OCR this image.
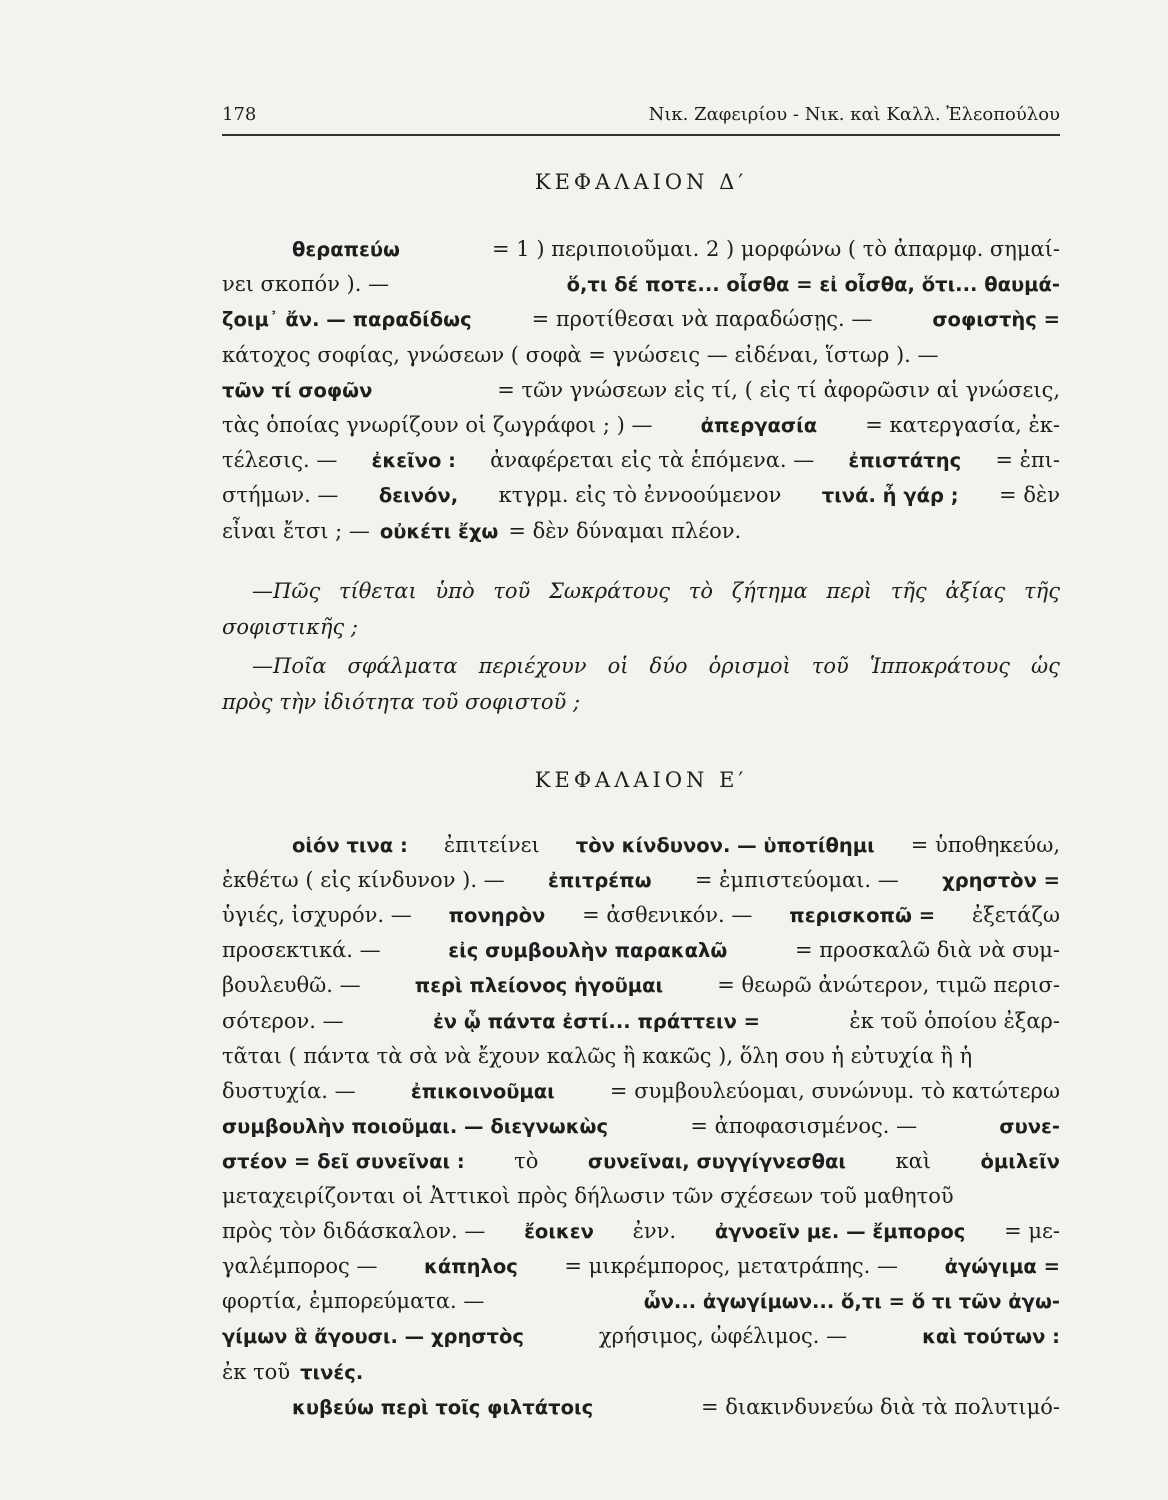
178	Νικ. Ζαφειρίου - Νικ. καὶ Καλλ. Ἐλεοπούλου
ΚΕΦΑΛΑΙΟΝ Δ′
θεραπεύω	= 1 ) περιποιοῦμαι. 2 ) μορφώνω ( τὸ ἀπαρμφ. σημαί-
νει σκοπόν ). —	ὅ,τι δέ ποτε... οἶσθα = εἰ οἶσθα, ὅτι... θαυμά-
ζοιμ᾽ ἄν. — παραδίδως	= προτίθεσαι νὰ παραδώσῃς. —	σοφιστὴς =
κάτοχος σοφίας, γνώσεων ( σοφὰ = γνώσεις — εἰδέναι, ἵστωρ ). —
τῶν τί σοφῶν	= τῶν γνώσεων εἰς τί, ( εἰς τί ἀφορῶσιν αἱ γνώσεις,
τὰς ὁποίας γνωρίζουν οἱ ζωγράφοι ; ) — ἀπεργασία = κατεργασία, ἐκ-
τέλεσις. — ἐκεῖνο : ἀναφέρεται εἰς τὰ ἑπόμενα. — ἐπιστάτης = ἐπι-
στήμων. — δεινόν, κτγρμ. εἰς τὸ ἐννοούμενον τινά. ἦ γάρ ; = δὲν
εἶναι ἔτσι ; — οὐκέτι ἔχω = δὲν δύναμαι πλέον.
—Πῶς τίθεται ὑπὸ τοῦ Σωκράτους τὸ ζήτημα περὶ τῆς ἀξίας τῆς
σοφιστικῆς ;
—Ποῖα σφάλματα περιέχουν οἱ δύο ὁρισμοὶ τοῦ Ἱπποκράτους ὡς
πρὸς τὴν ἰδιότητα τοῦ σοφιστοῦ ;
ΚΕΦΑΛΑΙΟΝ Ε′
οἱόν τινα : ἐπιτείνει τὸν κίνδυνον. — ὑποτίθημι = ὑποθηκεύω,
ἐκθέτω ( εἰς κίνδυνον ). — ἐπιτρέπω = ἐμπιστεύομαι. — χρηστὸν =
ὑγιές, ἰσχυρόν. — πονηρὸν = ἀσθενικόν. — περισκοπῶ = ἐξετάζω
προσεκτικά. —	εἰς συμβουλὴν παρακαλῶ	= προσκαλῶ διὰ νὰ συμ-
βουλευθῶ. —	περὶ πλείονος ἡγοῦμαι	= θεωρῶ ἀνώτερον, τιμῶ περισ-
σότερον. —	ἐν ᾧ πάντα ἐστί... πράττειν =	ἐκ τοῦ ὁποίου ἐξαρ-
τᾶται ( πάντα τὰ σὰ νὰ ἔχουν καλῶς ἢ κακῶς ), ὅλη σου ἡ εὐτυχία ἢ ἡ
δυστυχία. —	ἐπικοινοῦμαι	= συμβουλεύομαι, συνώνυμ. τὸ κατώτερω
συμβουλὴν ποιοῦμαι. — διεγνωκὼς	= ἀποφασισμένος. —	συνε-
στέον = δεῖ συνεῖναι : τὸ	συνεῖναι, συγγίγνεσθαι καὶ	ὁμιλεῖν
μεταχειρίζονται οἱ Ἀττικοὶ πρὸς δήλωσιν τῶν σχέσεων τοῦ μαθητοῦ
πρὸς τὸν διδάσκαλον. — ἔοικεν ἐνν. ἀγνοεῖν με. — ἔμπορος = με-
γαλέμπορος — κάπηλος = μικρέμπορος, μετατράπης. — ἀγώγιμα =
φορτία, ἐμπορεύματα. —	ὧν... ἀγωγίμων... ὅ,τι = ὅ τι τῶν ἀγω-
γίμων ἃ ἄγουσι. — χρηστὸς	χρήσιμος, ὠφέλιμος. —	καὶ τούτων :
ἐκ τοῦ τινές.
κυβεύω περὶ τοῖς φιλτάτοις	= διακινδυνεύω διὰ τὰ πολυτιμό-
